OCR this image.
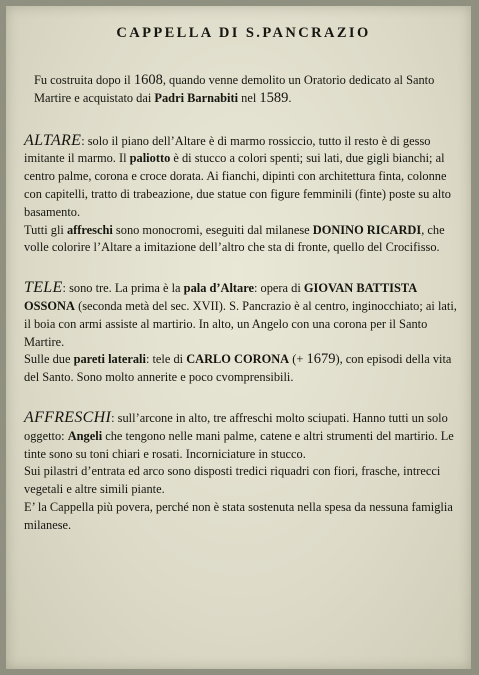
CAPPELLA DI S.PANCRAZIO

Fu costruita dopo il 1608, quando venne demolito un Oratorio dedicato al Santo Martire e acquistato dai Padri Barnabiti nel 1589.

ALTARE: solo il piano dell’Altare è di marmo rossiccio, tutto il resto è di gesso imitante il marmo. Il paliotto è di stucco a colori spenti; sui lati, due gigli bianchi; al centro palme, corona e croce dorata. Ai fianchi, dipinti con architettura finta, colonne con capitelli, tratto di trabeazione, due statue con figure femminili (finte) poste su alto basamento.

Tutti gli affreschi sono monocromi, eseguiti dal milanese DONINO RICARDI, che volle colorire l’Altare a imitazione dell’altro che sta di fronte, quello del Crocifisso.

TELE: sono tre. La prima è la pala d’Altare: opera di GIOVAN BATTISTA OSSONA (seconda metà del sec. XVII). S. Pancrazio è al centro, inginocchiato; ai lati, il boia con armi assiste al martirio. In alto, un Angelo con una corona per il Santo Martire.

Sulle due pareti laterali: tele di CARLO CORONA (+ 1679), con episodi della vita del Santo. Sono molto annerite e poco cvomprensibili.

AFFRESCHI: sull’arcone in alto, tre affreschi molto sciupati. Hanno tutti un solo oggetto: Angeli che tengono nelle mani palme, catene e altri strumenti del martirio. Le tinte sono su toni chiari e rosati. Incorniciature in stucco.

Sui pilastri d’entrata ed arco sono disposti tredici riquadri con fiori, frasche, intrecci vegetali e altre simili piante.

E’ la Cappella più povera, perché non è stata sostenuta nella spesa da nessuna famiglia milanese.
